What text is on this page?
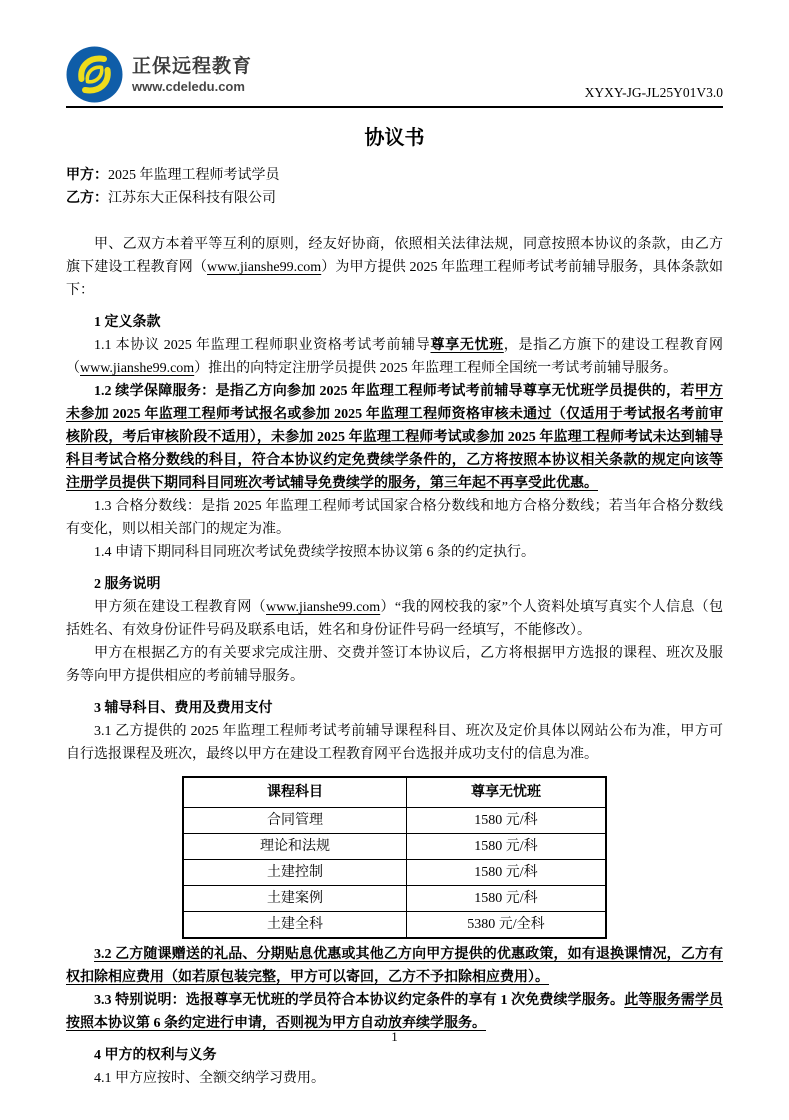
正保远程教育
www.cdeledu.com	XYXY-JG-JL25Y01V3.0
协议书

甲方：2025 年监理工程师考试学员

乙方：江苏东大正保科技有限公司

甲、乙双方本着平等互利的原则，经友好协商，依照相关法律法规，同意按照本协议的条款，由乙方旗下建设工程教育网（www.jianshe99.com）为甲方提供 2025 年监理工程师考试考前辅导服务，具体条款如下：

1 定义条款

1.1 本协议 2025 年监理工程师职业资格考试考前辅导尊享无忧班，是指乙方旗下的建设工程教育网（www.jianshe99.com）推出的向特定注册学员提供 2025 年监理工程师全国统一考试考前辅导服务。

1.2 续学保障服务：是指乙方向参加 2025 年监理工程师考试考前辅导尊享无忧班学员提供的，若甲方未参加 2025 年监理工程师考试报名或参加 2025 年监理工程师资格审核未通过（仅适用于考试报名考前审核阶段，考后审核阶段不适用），未参加 2025 年监理工程师考试或参加 2025 年监理工程师考试未达到辅导科目考试合格分数线的科目，符合本协议约定免费续学条件的，乙方将按照本协议相关条款的规定向该等注册学员提供下期同科目同班次考试辅导免费续学的服务，第三年起不再享受此优惠。

1.3 合格分数线：是指 2025 年监理工程师考试国家合格分数线和地方合格分数线；若当年合格分数线有变化，则以相关部门的规定为准。

1.4 申请下期同科目同班次考试免费续学按照本协议第 6 条的约定执行。

2 服务说明

甲方须在建设工程教育网（www.jianshe99.com）“我的网校我的家”个人资料处填写真实个人信息（包括姓名、有效身份证件号码及联系电话，姓名和身份证件号码一经填写，不能修改）。

甲方在根据乙方的有关要求完成注册、交费并签订本协议后，乙方将根据甲方选报的课程、班次及服务等向甲方提供相应的考前辅导服务。

3 辅导科目、费用及费用支付

3.1 乙方提供的 2025 年监理工程师考试考前辅导课程科目、班次及定价具体以网站公布为准，甲方可自行选报课程及班次，最终以甲方在建设工程教育网平台选报并成功支付的信息为准。

课程科目	尊享无忧班
合同管理	1580 元/科
理论和法规	1580 元/科
土建控制	1580 元/科
土建案例	1580 元/科
土建全科	5380 元/全科

3.2 乙方随课赠送的礼品、分期贴息优惠或其他乙方向甲方提供的优惠政策，如有退换课情况，乙方有权扣除相应费用（如若原包装完整，甲方可以寄回，乙方不予扣除相应费用）。

3.3 特别说明：选报尊享无忧班的学员符合本协议约定条件的享有 1 次免费续学服务。此等服务需学员按照本协议第 6 条约定进行申请，否则视为甲方自动放弃续学服务。

4 甲方的权利与义务

4.1 甲方应按时、全额交纳学习费用。

1
